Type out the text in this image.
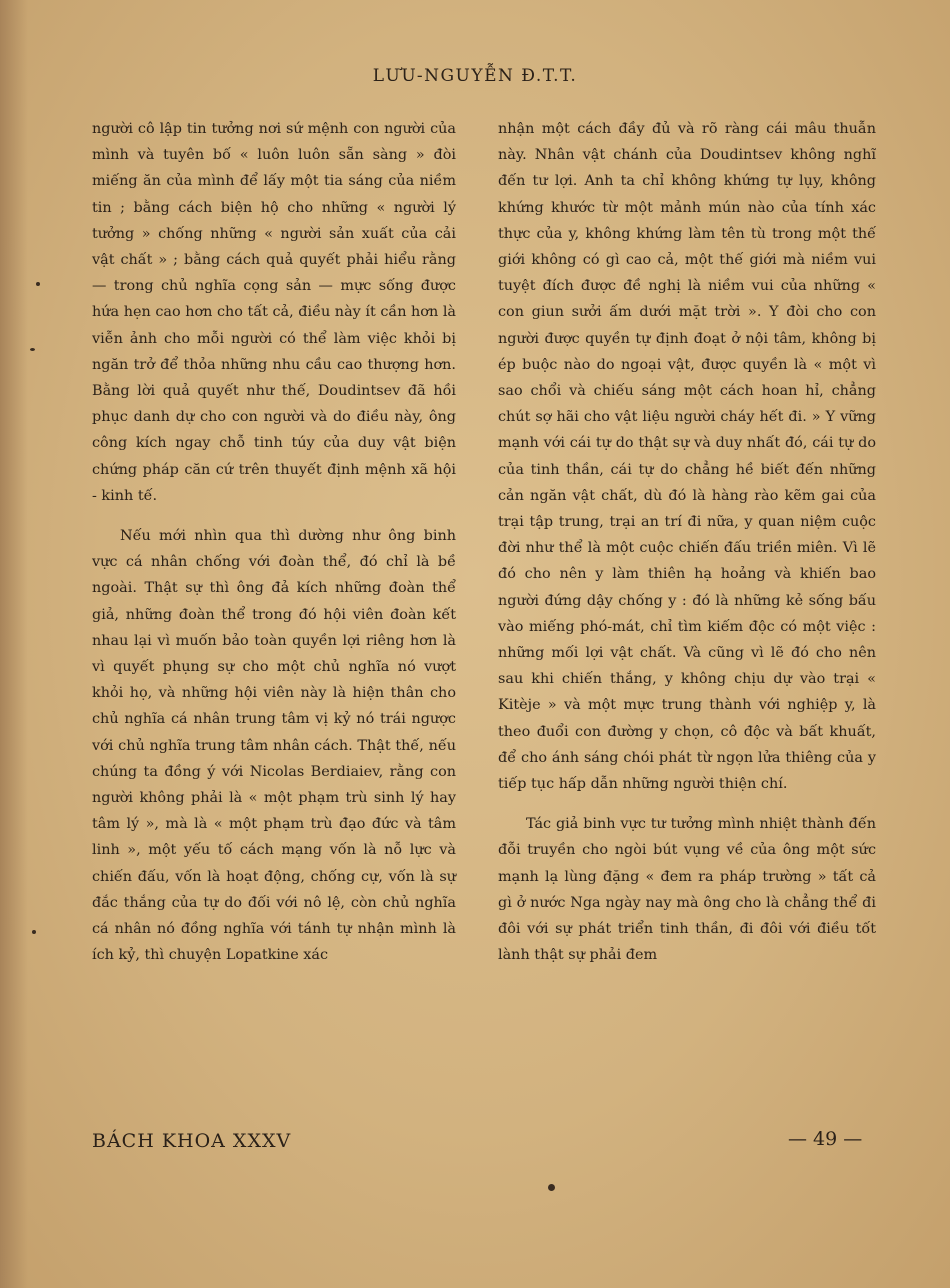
LƯU-NGUYỄN Đ.T.T.

người cô lập tin tưởng nơi sứ mệnh con người của mình và tuyên bố « luôn luôn sẵn sàng » đòi miếng ăn của mình để lấy một tia sáng của niềm tin ; bằng cách biện hộ cho những « người lý tưởng » chống những « người sản xuất của cải vật chất » ; bằng cách quả quyết phải hiểu rằng — trong chủ nghĩa cọng sản — mực sống được hứa hẹn cao hơn cho tất cả, điều này ít cần hơn là viễn ảnh cho mỗi người có thể làm việc khỏi bị ngăn trở để thỏa những nhu cầu cao thượng hơn. Bằng lời quả quyết như thế, Doudintsev đã hồi phục danh dự cho con người và do điều này, ông công kích ngay chỗ tinh túy của duy vật biện chứng pháp căn cứ trên thuyết định mệnh xã hội - kinh tế.

Nếu mới nhìn qua thì dường như ông binh vực cá nhân chống với đoàn thể, đó chỉ là bề ngoài. Thật sự thì ông đả kích những đoàn thể giả, những đoàn thể trong đó hội viên đoàn kết nhau lại vì muốn bảo toàn quyền lợi riêng hơn là vì quyết phụng sự cho một chủ nghĩa nó vượt khỏi họ, và những hội viên này là hiện thân cho chủ nghĩa cá nhân trung tâm vị kỷ nó trái ngược với chủ nghĩa trung tâm nhân cách. Thật thế, nếu chúng ta đồng ý với Nicolas Berdiaiev, rằng con người không phải là « một phạm trù sinh lý hay tâm lý », mà là « một phạm trù đạo đức và tâm linh », một yếu tố cách mạng vốn là nỗ lực và chiến đấu, vốn là hoạt động, chống cự, vốn là sự đắc thắng của tự do đối với nô lệ, còn chủ nghĩa cá nhân nó đồng nghĩa với tánh tự nhận mình là ích kỷ, thì chuyện Lopatkine xác

nhận một cách đầy đủ và rõ ràng cái mâu thuẫn này. Nhân vật chánh của Doudintsev không nghĩ đến tư lợi. Anh ta chỉ không khứng tự lụy, không khứng khước từ một mảnh mún nào của tính xác thực của y, không khứng làm tên tù trong một thế giới không có gì cao cả, một thế giới mà niềm vui tuyệt đích được đề nghị là niềm vui của những « con giun sưởi ấm dưới mặt trời ». Y đòi cho con người được quyền tự định đoạt ở nội tâm, không bị ép buộc nào do ngoại vật, được quyền là « một vì sao chổi và chiếu sáng một cách hoan hỉ, chẳng chút sợ hãi cho vật liệu người cháy hết đi. » Y vững mạnh với cái tự do thật sự và duy nhất đó, cái tự do của tinh thần, cái tự do chẳng hề biết đến những cản ngăn vật chất, dù đó là hàng rào kẽm gai của trại tập trung, trại an trí đi nữa, y quan niệm cuộc đời như thể là một cuộc chiến đấu triền miên. Vì lẽ đó cho nên y làm thiên hạ hoảng và khiến bao người đứng dậy chống y : đó là những kẻ sống bấu vào miếng phó-mát, chỉ tìm kiếm độc có một việc : những mối lợi vật chất. Và cũng vì lẽ đó cho nên sau khi chiến thắng, y không chịu dự vào trại « Kitèje » và một mực trung thành với nghiệp y, là theo đuổi con đường y chọn, cô độc và bất khuất, để cho ánh sáng chói phát từ ngọn lửa thiêng của y tiếp tục hấp dẫn những người thiện chí.

Tác giả binh vực tư tưởng mình nhiệt thành đến đỗi truyền cho ngòi bút vụng về của ông một sức mạnh lạ lùng đặng « đem ra pháp trường » tất cả gì ở nước Nga ngày nay mà ông cho là chẳng thể đi đôi với sự phát triển tinh thần, đi đôi với điều tốt lành thật sự phải đem

BÁCH KHOA XXXV	— 49 —
